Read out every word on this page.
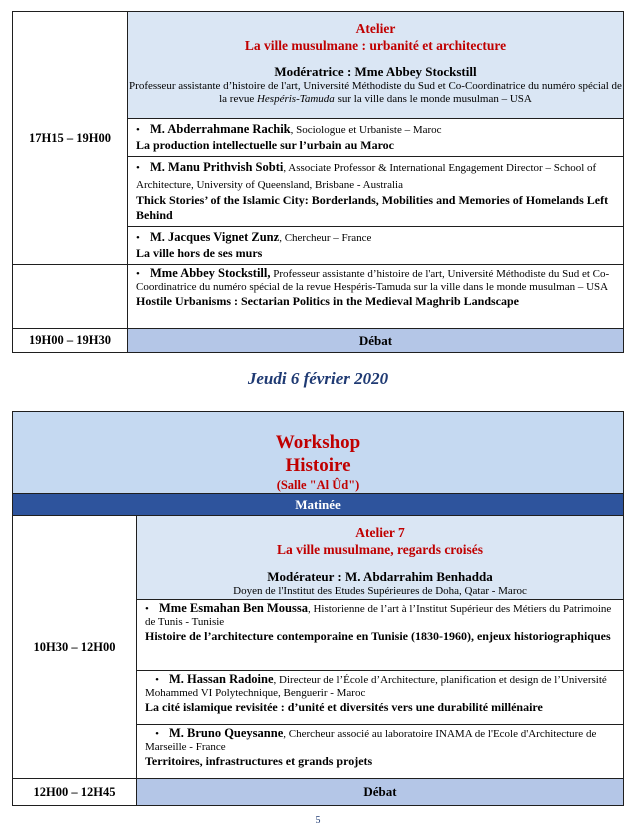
17H15 – 19H00	Atelier
La ville musulmane : urbanité et architecture
Modératrice : Mme Abbey Stockstill
Professeur assistante d’histoire de l'art, Université Méthodiste du Sud et Co-Coordinatrice du numéro spécial de la revue Hespéris-Tamuda sur la ville dans le monde musulman – USA

	• M. Abderrahmane Rachik, Sociologue et Urbaniste – Maroc
La production intellectuelle sur l’urbain au Maroc

	• M. Manu Prithvish Sobti, Associate Professor & International Engagement Director – School of Architecture, University of Queensland, Brisbane - Australia
Thick Stories’ of the Islamic City: Borderlands, Mobilities and Memories of Homelands Left Behind

	• M. Jacques Vignet Zunz, Chercheur – France
La ville hors de ses murs

	• Mme Abbey Stockstill, Professeur assistante d’histoire de l'art, Université Méthodiste du Sud et Co-Coordinatrice du numéro spécial de la revue Hespéris-Tamuda sur la ville dans le monde musulman – USA
Hostile Urbanisms : Sectarian Politics in the Medieval Maghrib Landscape

19H00 – 19H30	Débat
Jeudi 6 février 2020
Workshop
Histoire
(Salle "Al Ûd")	

Matinée	
10H30 – 12H00	Atelier 7
La ville musulmane, regards croisés
Modérateur : M. Abdarrahim Benhadda
Doyen de l'Institut des Etudes Supérieures de Doha, Qatar - Maroc

	• Mme Esmahan Ben Moussa, Historienne de l’art à l’Institut Supérieur des Métiers du Patrimoine de Tunis - Tunisie
Histoire de l’architecture contemporaine en Tunisie (1830-1960), enjeux historiographiques

	• M. Hassan Radoine, Directeur de l’École d’Architecture, planification et design de l’Université Mohammed VI Polytechnique, Benguerir - Maroc
La cité islamique revisitée : d’unité et diversités vers une durabilité millénaire

	• M. Bruno Queysanne, Chercheur associé au laboratoire INAMA de l'Ecole d'Architecture de Marseille - France
Territoires, infrastructures et grands projets

12H00 – 12H45	Débat
5
